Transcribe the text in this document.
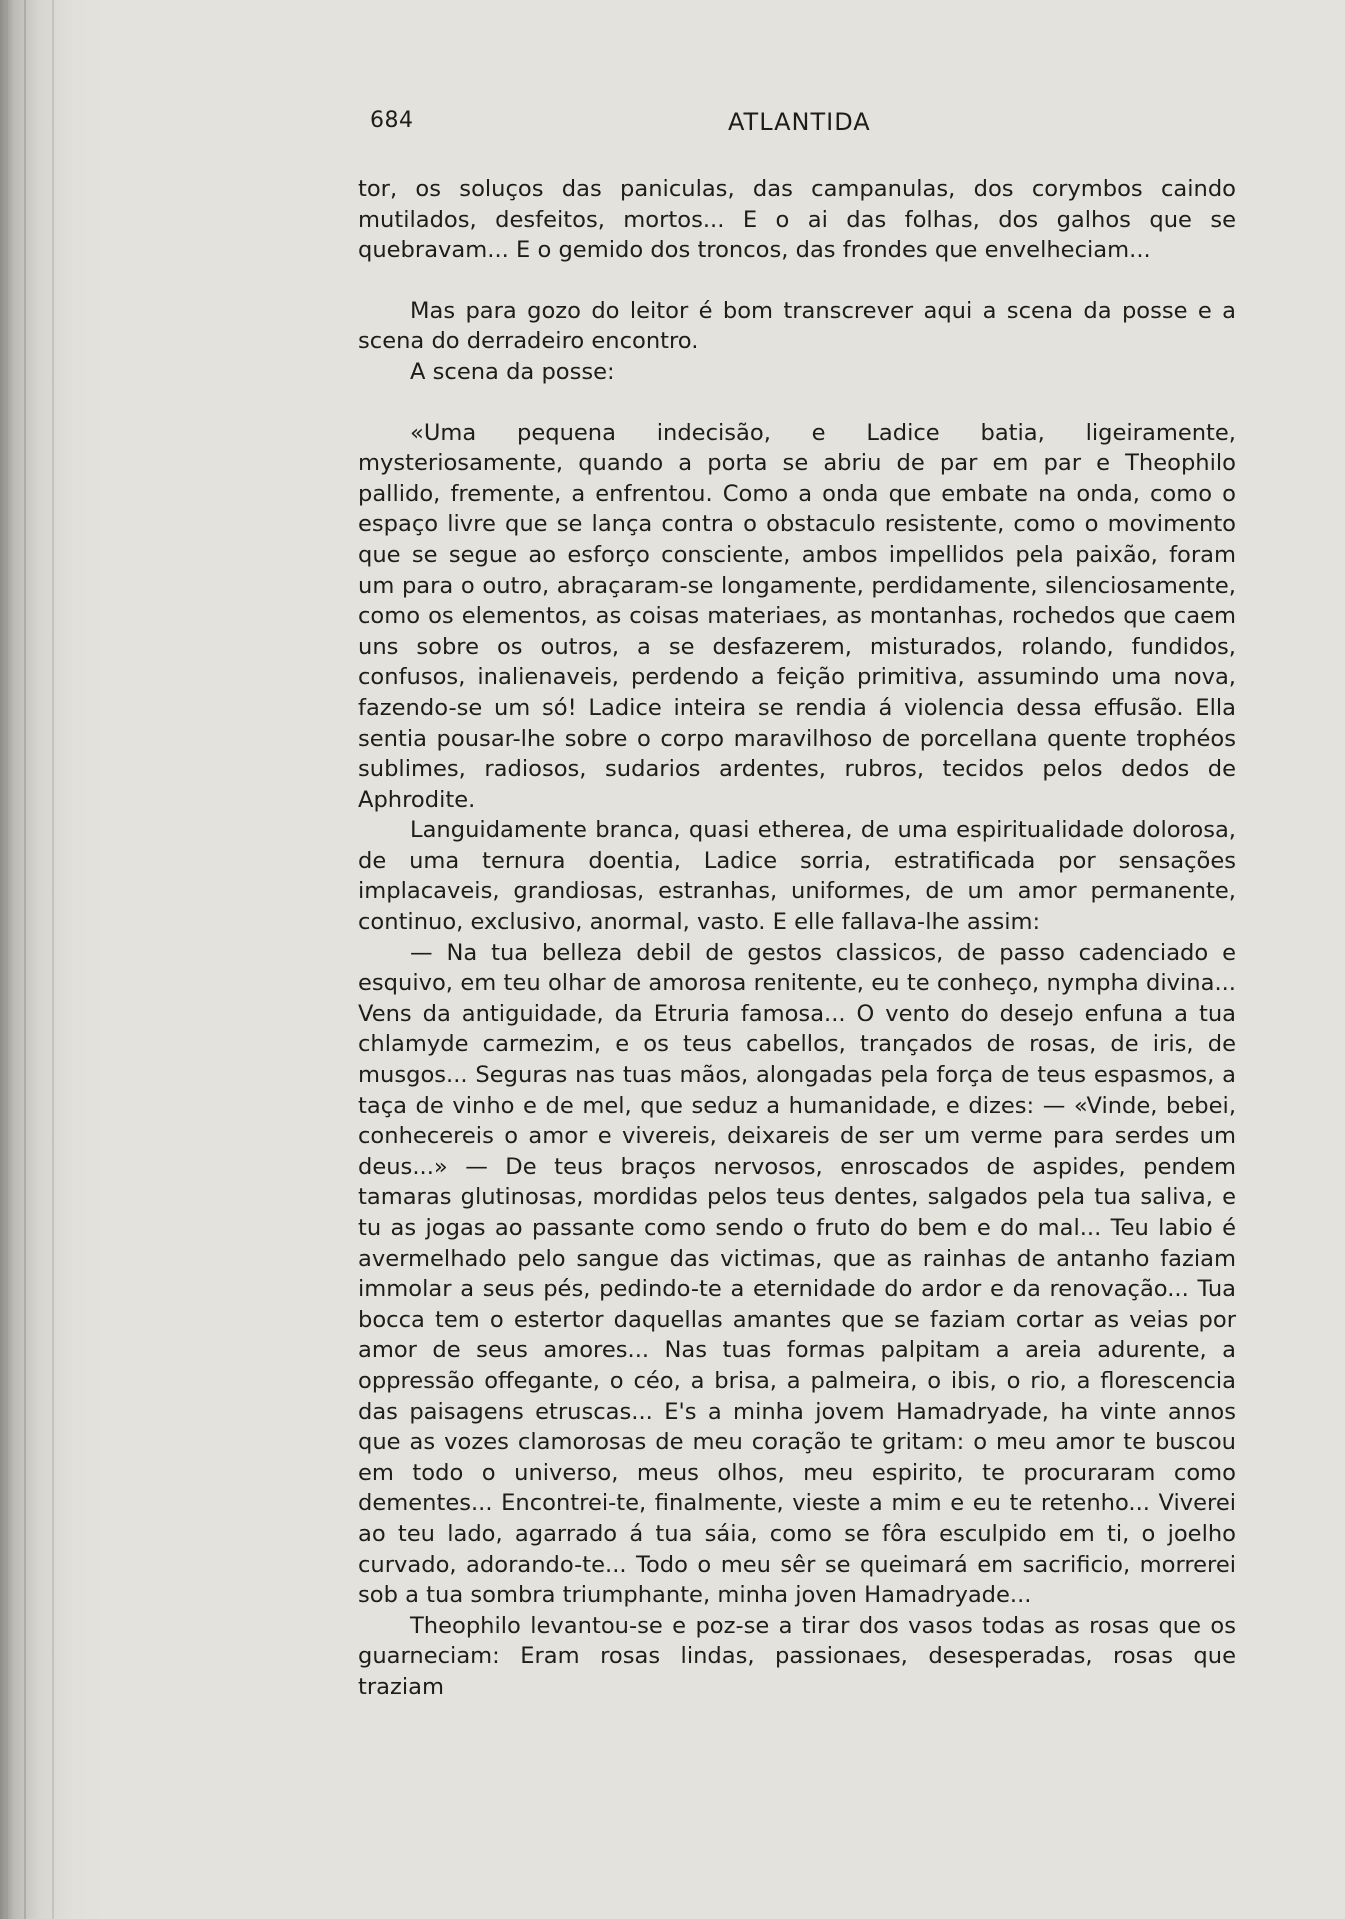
684	ATLANTIDA

tor, os soluços das paniculas, das campanulas, dos corymbos caindo mutilados, desfeitos, mortos... E o ai das folhas, dos galhos que se quebravam... E o gemido dos troncos, das frondes que envelheciam...

Mas para gozo do leitor é bom transcrever aqui a scena da posse e a scena do derradeiro encontro.

A scena da posse:

«Uma pequena indecisão, e Ladice batia, ligeiramente, mysteriosamente, quando a porta se abriu de par em par e Theophilo pallido, fremente, a enfrentou. Como a onda que embate na onda, como o espaço livre que se lança contra o obstaculo resistente, como o movimento que se segue ao esforço consciente, ambos impellidos pela paixão, foram um para o outro, abraçaram-se longamente, perdidamente, silenciosamente, como os elementos, as coisas materiaes, as montanhas, rochedos que caem uns sobre os outros, a se desfazerem, misturados, rolando, fundidos, confusos, inalienaveis, perdendo a feição primitiva, assumindo uma nova, fazendo-se um só! Ladice inteira se rendia á violencia dessa effusão. Ella sentia pousar-lhe sobre o corpo maravilhoso de porcellana quente trophéos sublimes, radiosos, sudarios ardentes, rubros, tecidos pelos dedos de Aphrodite.

Languidamente branca, quasi etherea, de uma espiritualidade dolorosa, de uma ternura doentia, Ladice sorria, estratificada por sensações implacaveis, grandiosas, estranhas, uniformes, de um amor permanente, continuo, exclusivo, anormal, vasto. E elle fallava-lhe assim:

— Na tua belleza debil de gestos classicos, de passo cadenciado e esquivo, em teu olhar de amorosa renitente, eu te conheço, nympha divina... Vens da antiguidade, da Etruria famosa... O vento do desejo enfuna a tua chlamyde carmezim, e os teus cabellos, trançados de rosas, de iris, de musgos... Seguras nas tuas mãos, alongadas pela força de teus espasmos, a taça de vinho e de mel, que seduz a humanidade, e dizes: — «Vinde, bebei, conhecereis o amor e vivereis, deixareis de ser um verme para serdes um deus...» — De teus braços nervosos, enroscados de aspides, pendem tamaras glutinosas, mordidas pelos teus dentes, salgados pela tua saliva, e tu as jogas ao passante como sendo o fruto do bem e do mal... Teu labio é avermelhado pelo sangue das victimas, que as rainhas de antanho faziam immolar a seus pés, pedindo-te a eternidade do ardor e da renovação... Tua bocca tem o estertor daquellas amantes que se faziam cortar as veias por amor de seus amores... Nas tuas formas palpitam a areia adurente, a oppressão offegante, o céo, a brisa, a palmeira, o ibis, o rio, a florescencia das paisagens etruscas... E's a minha jovem Hamadryade, ha vinte annos que as vozes clamorosas de meu coração te gritam: o meu amor te buscou em todo o universo, meus olhos, meu espirito, te procuraram como dementes... Encontrei-te, finalmente, vieste a mim e eu te retenho... Viverei ao teu lado, agarrado á tua sáia, como se fôra esculpido em ti, o joelho curvado, adorando-te... Todo o meu sêr se queimará em sacrificio, morrerei sob a tua sombra triumphante, minha joven Hamadryade...

Theophilo levantou-se e poz-se a tirar dos vasos todas as rosas que os guarneciam: Eram rosas lindas, passionaes, desesperadas, rosas que traziam
